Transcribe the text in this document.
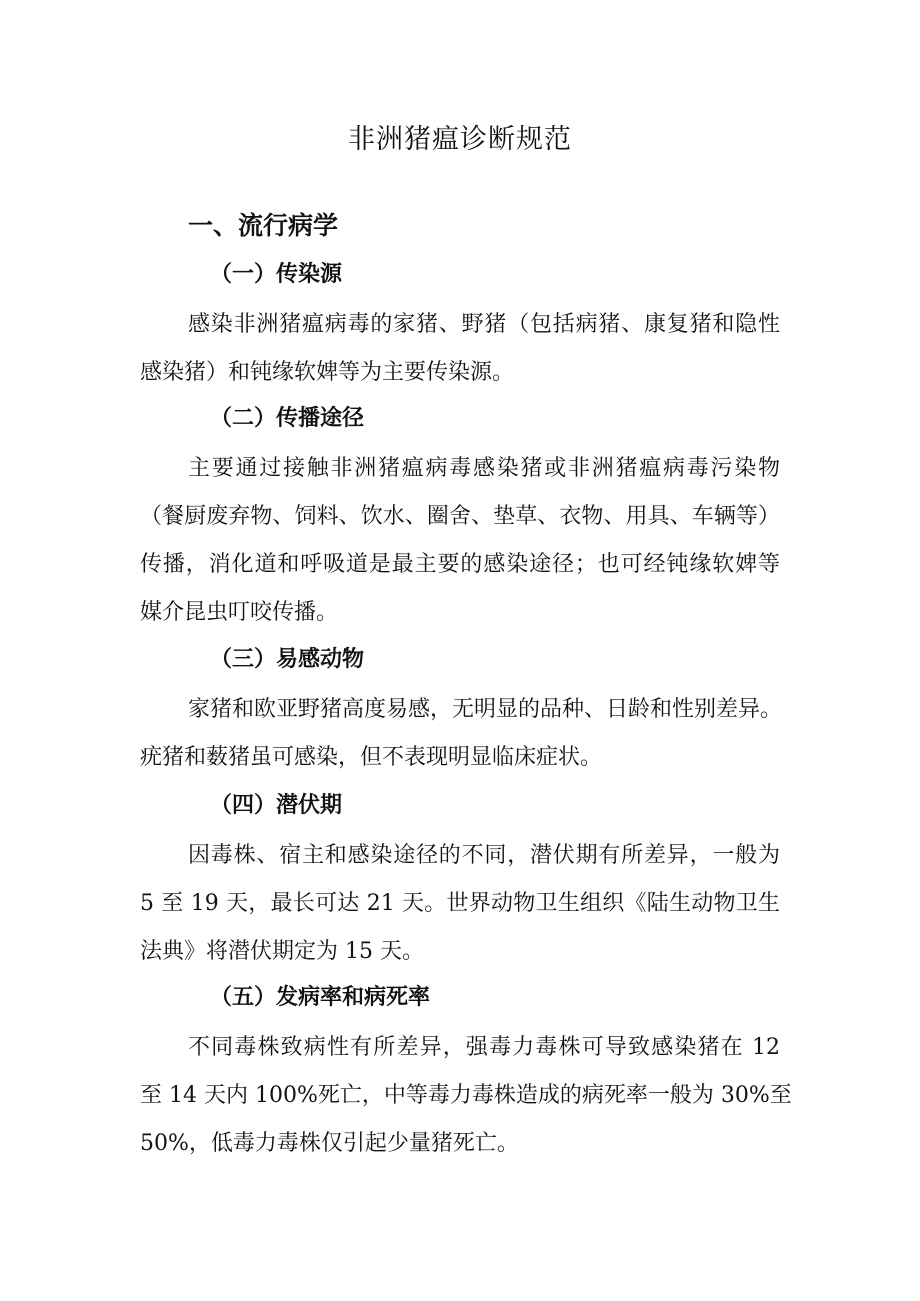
非洲猪瘟诊断规范
一、流行病学
（一）传染源

感染非洲猪瘟病毒的家猪、野猪（包括病猪、康复猪和隐性
感染猪）和钝缘软婢等为主要传染源。

（二）传播途径

主要通过接触非洲猪瘟病毒感染猪或非洲猪瘟病毒污染物
（餐厨废弃物、饲料、饮水、圈舍、垫草、衣物、用具、车辆等）
传播，消化道和呼吸道是最主要的感染途径；也可经钝缘软婢等
媒介昆虫叮咬传播。

（三）易感动物

家猪和欧亚野猪高度易感，无明显的品种、日龄和性别差异。
疣猪和薮猪虽可感染，但不表现明显临床症状。

（四）潜伏期

因毒株、宿主和感染途径的不同，潜伏期有所差异，一般为
5 至 19 天，最长可达 21 天。世界动物卫生组织《陆生动物卫生
法典》将潜伏期定为 15 天。

（五）发病率和病死率

不同毒株致病性有所差异，强毒力毒株可导致感染猪在 12
至 14 天内 100%死亡，中等毒力毒株造成的病死率一般为 30%至
50%，低毒力毒株仅引起少量猪死亡。
